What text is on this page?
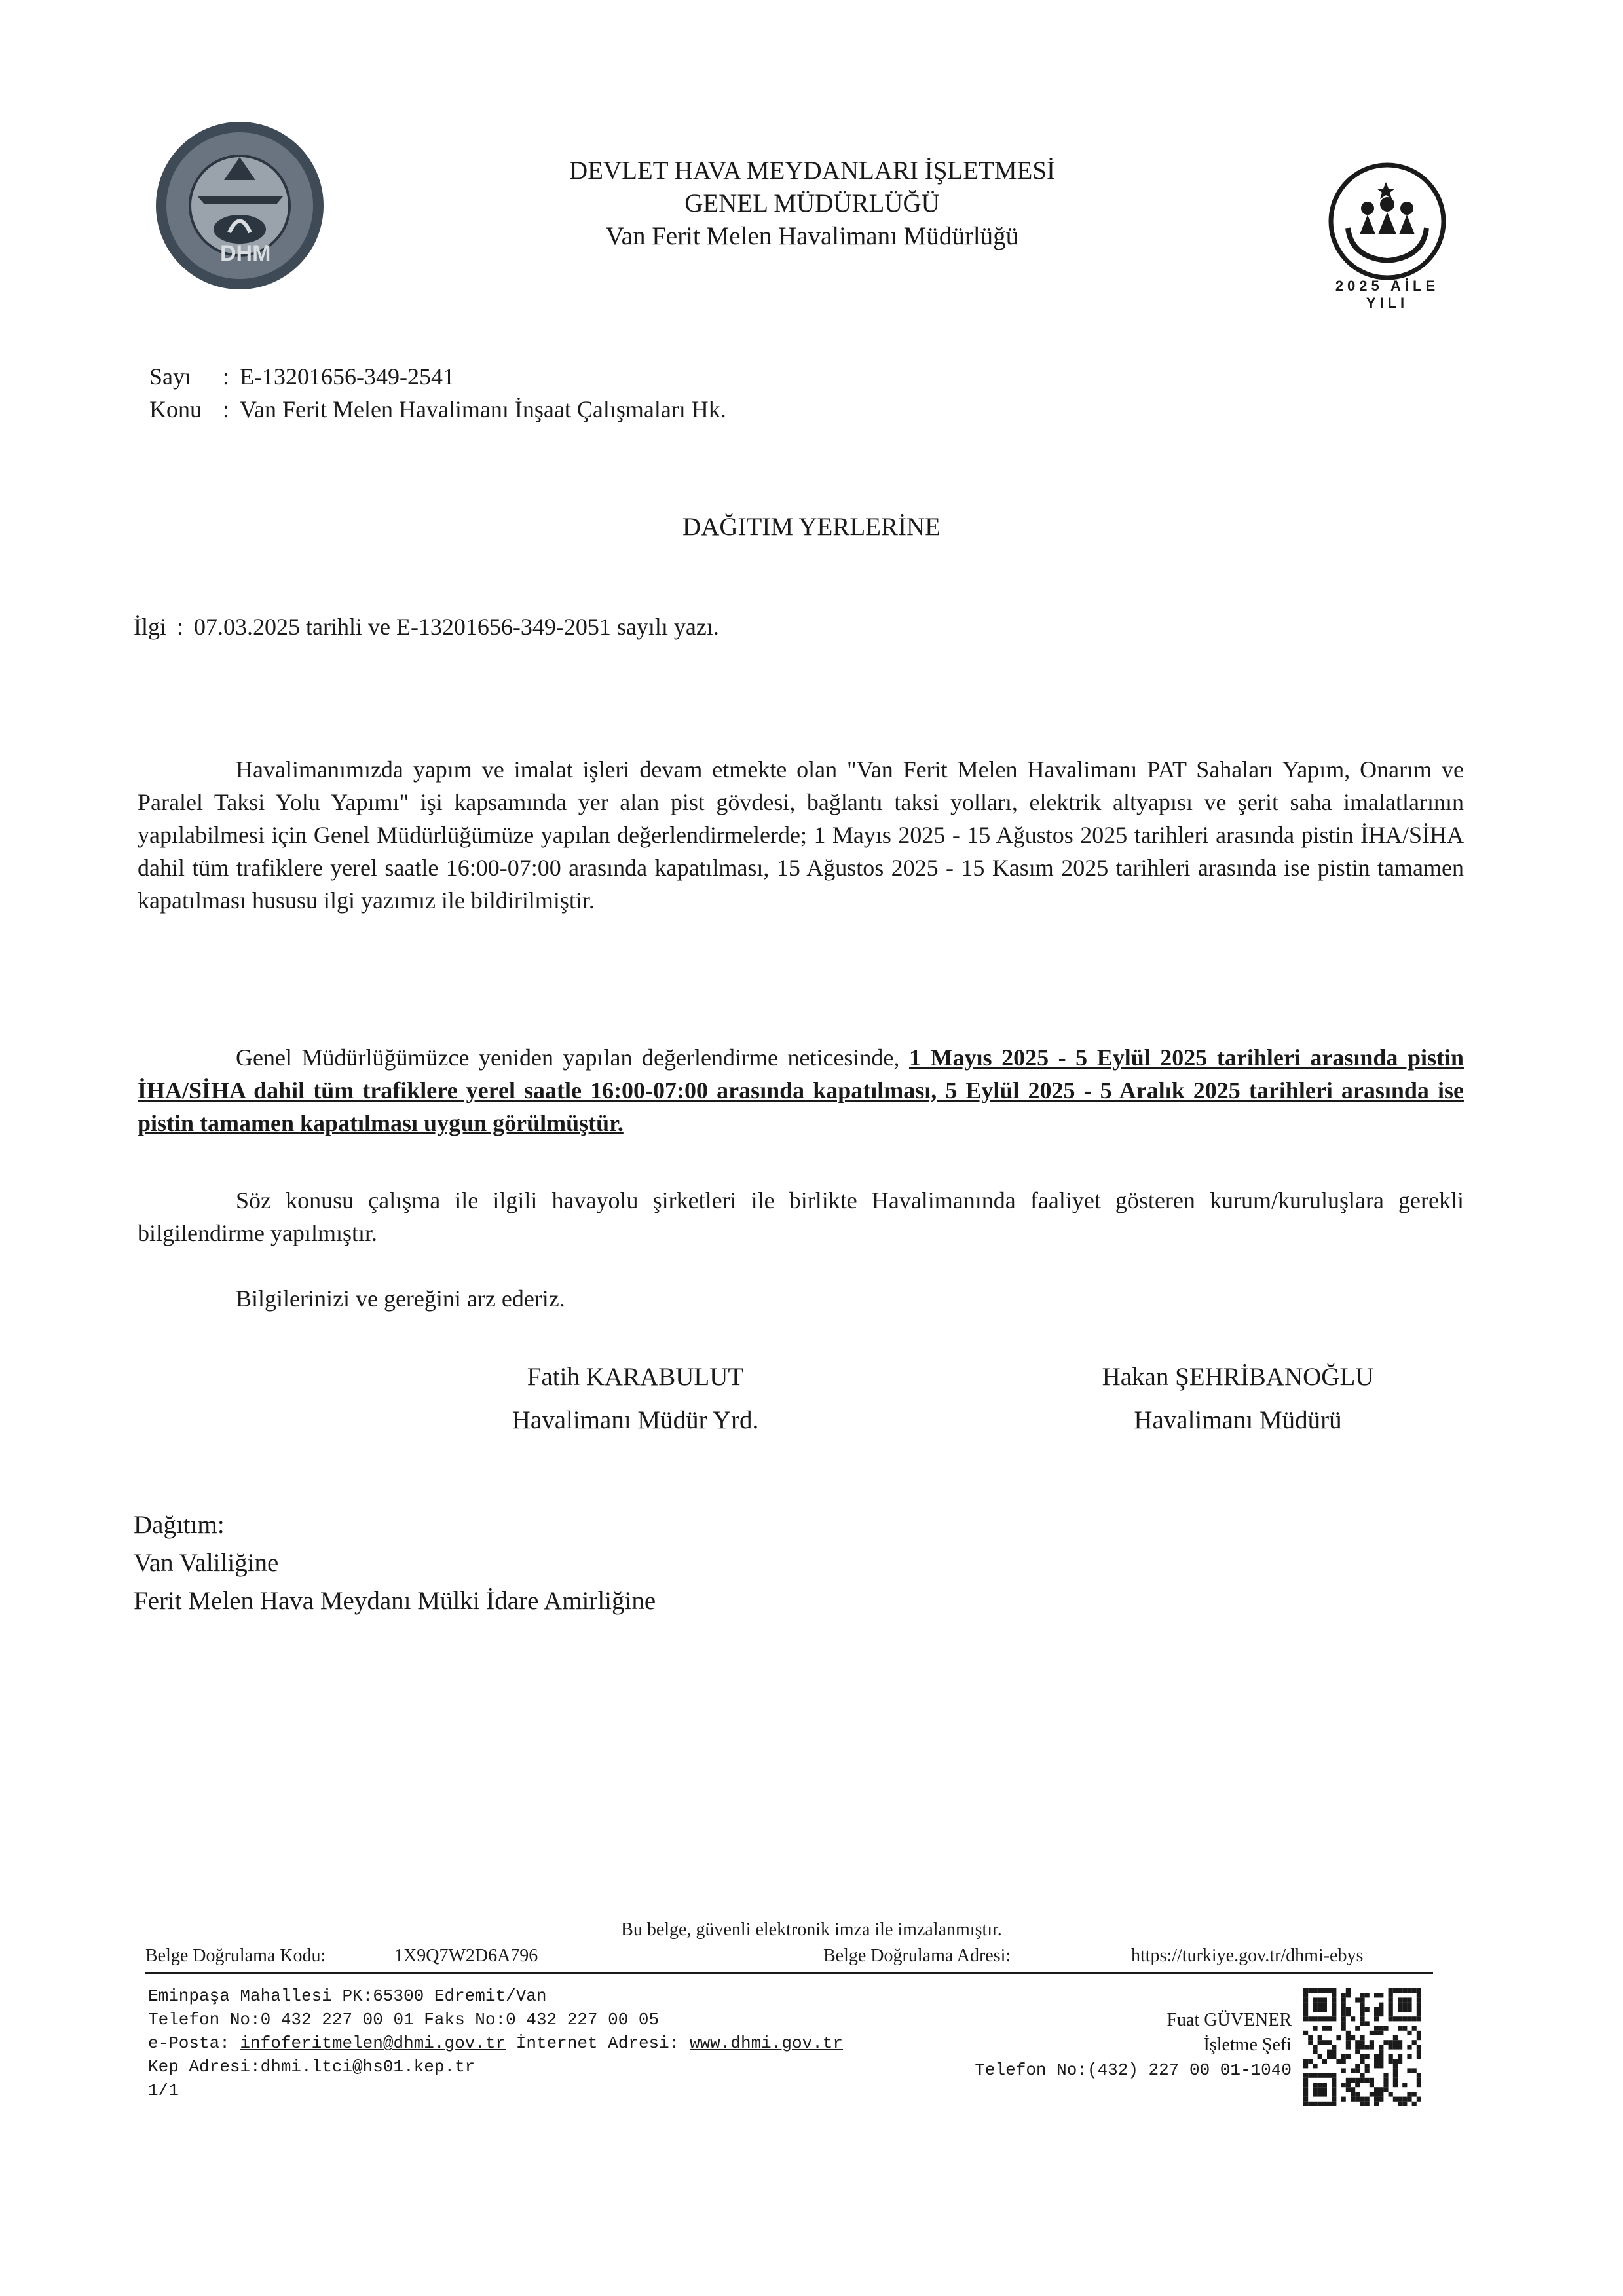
DHM
2025 AİLE YILI
DEVLET HAVA MEYDANLARI İŞLETMESİ
GENEL MÜDÜRLÜĞÜ
Van Ferit Melen Havalimanı Müdürlüğü
Sayı	: E-13201656-349-2541
Konu : Van Ferit Melen Havalimanı İnşaat Çalışmaları Hk.
DAĞITIM YERLERİNE
İlgi : 07.03.2025 tarihli ve E-13201656-349-2051 sayılı yazı.
Havalimanımızda yapım ve imalat işleri devam etmekte olan "Van Ferit Melen Havalimanı PAT Sahaları Yapım, Onarım ve Paralel Taksi Yolu Yapımı" işi kapsamında yer alan pist gövdesi, bağlantı taksi yolları, elektrik altyapısı ve şerit saha imalatlarının yapılabilmesi için Genel Müdürlüğümüze yapılan değerlendirmelerde; 1 Mayıs 2025 - 15 Ağustos 2025 tarihleri arasında pistin İHA/SİHA dahil tüm trafiklere yerel saatle 16:00-07:00 arasında kapatılması, 15 Ağustos 2025 - 15 Kasım 2025 tarihleri arasında ise pistin tamamen kapatılması hususu ilgi yazımız ile bildirilmiştir.
Genel Müdürlüğümüzce yeniden yapılan değerlendirme neticesinde, 1 Mayıs 2025 - 5 Eylül 2025 tarihleri arasında pistin İHA/SİHA dahil tüm trafiklere yerel saatle 16:00-07:00 arasında kapatılması, 5 Eylül 2025 - 5 Aralık 2025 tarihleri arasında ise pistin tamamen kapatılması uygun görülmüştür.
Söz konusu çalışma ile ilgili havayolu şirketleri ile birlikte Havalimanında faaliyet gösteren kurum/kuruluşlara gerekli bilgilendirme yapılmıştır.
Bilgilerinizi ve gereğini arz ederiz.
Fatih KARABULUT
Havalimanı Müdür Yrd.
Hakan ŞEHRİBANOĞLU
Havalimanı Müdürü
Dağıtım:
Van Valiliğine
Ferit Melen Hava Meydanı Mülki İdare Amirliğine
Bu belge, güvenli elektronik imza ile imzalanmıştır.
Belge Doğrulama Kodu:	1X9Q7W2D6A796	Belge Doğrulama Adresi:	https://turkiye.gov.tr/dhmi-ebys
Eminpaşa Mahallesi PK:65300 Edremit/Van
Telefon No:0 432 227 00 01 Faks No:0 432 227 00 05
e-Posta: infoferitmelen@dhmi.gov.tr İnternet Adresi: www.dhmi.gov.tr
Kep Adresi:dhmi.ltci@hs01.kep.tr
1/1
Fuat GÜVENER
İşletme Şefi
Telefon No:(432) 227 00 01-1040
